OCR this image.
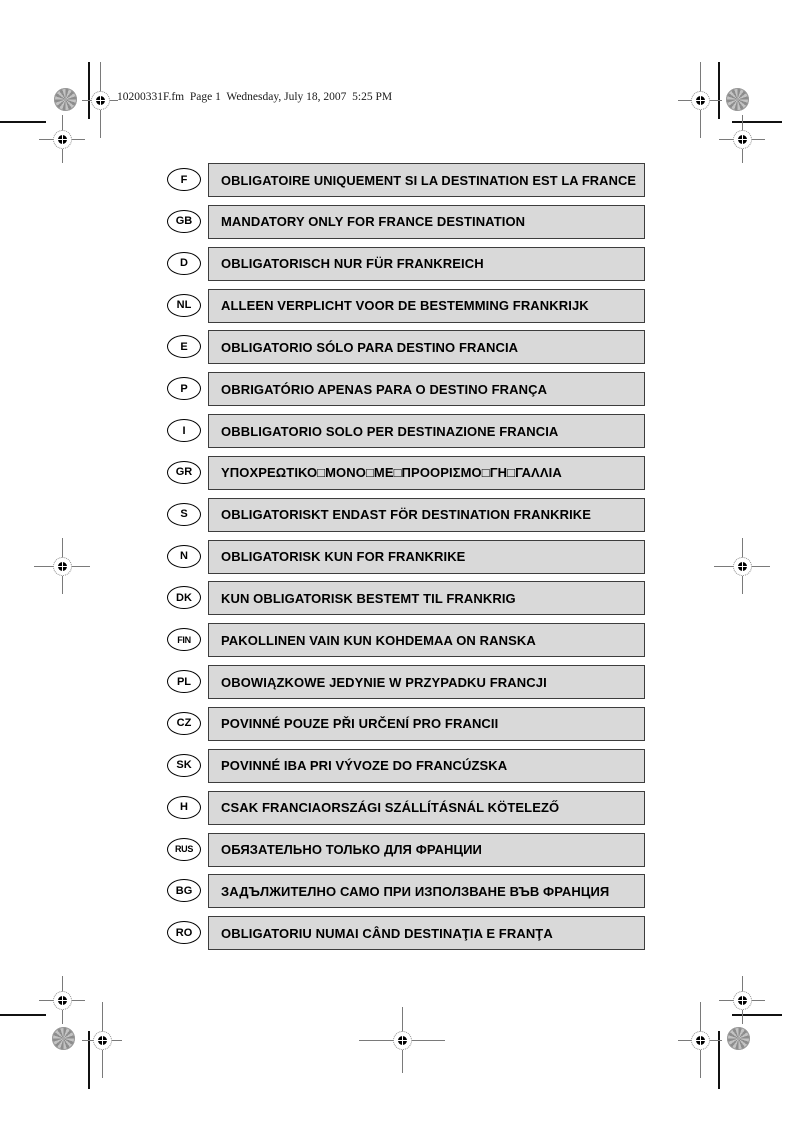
10200331F.fm  Page 1  Wednesday, July 18, 2007  5:25 PM
OBLIGATOIRE UNIQUEMENT SI LA DESTINATION EST LA FRANCE
F
MANDATORY ONLY FOR FRANCE DESTINATION
GB
OBLIGATORISCH NUR FÜR FRANKREICH
D
ALLEEN VERPLICHT VOOR DE BESTEMMING FRANKRIJK
NL
OBLIGATORIO SÓLO PARA DESTINO FRANCIA
E
OBRIGATÓRIO APENAS PARA O DESTINO FRANÇA
P
OBBLIGATORIO SOLO PER DESTINAZIONE FRANCIA
I
ΥΠΟΧΡΕΩΤΙΚΟ□ΜΟΝΟ□ΜΕ□ΠΡΟΟΡΙΣΜΟ□ΓΗ□ΓΑΛΛΙΑ
GR
OBLIGATORISKT ENDAST FÖR DESTINATION FRANKRIKE
S
OBLIGATORISK KUN FOR FRANKRIKE
N
KUN OBLIGATORISK BESTEMT TIL FRANKRIG
DK
PAKOLLINEN VAIN KUN KOHDEMAA ON RANSKA
FIN
OBOWIĄZKOWE JEDYNIE W PRZYPADKU FRANCJI
PL
POVINNÉ POUZE PŘI URČENÍ PRO FRANCII
CZ
POVINNÉ IBA PRI VÝVOZE DO FRANCÚZSKA
SK
CSAK FRANCIAORSZÁGI SZÁLLÍTÁSNÁL KÖTELEZŐ
H
ОБЯЗАТЕЛЬНО ТОЛЬКО ДЛЯ ФРАНЦИИ
RUS
ЗАДЪЛЖИТЕЛНО САМО ПРИ ИЗПОЛЗВАНЕ ВЪВ ФРАНЦИЯ
BG
OBLIGATORIU NUMAI CÂND DESTINAŢIA E FRANŢA
RO
